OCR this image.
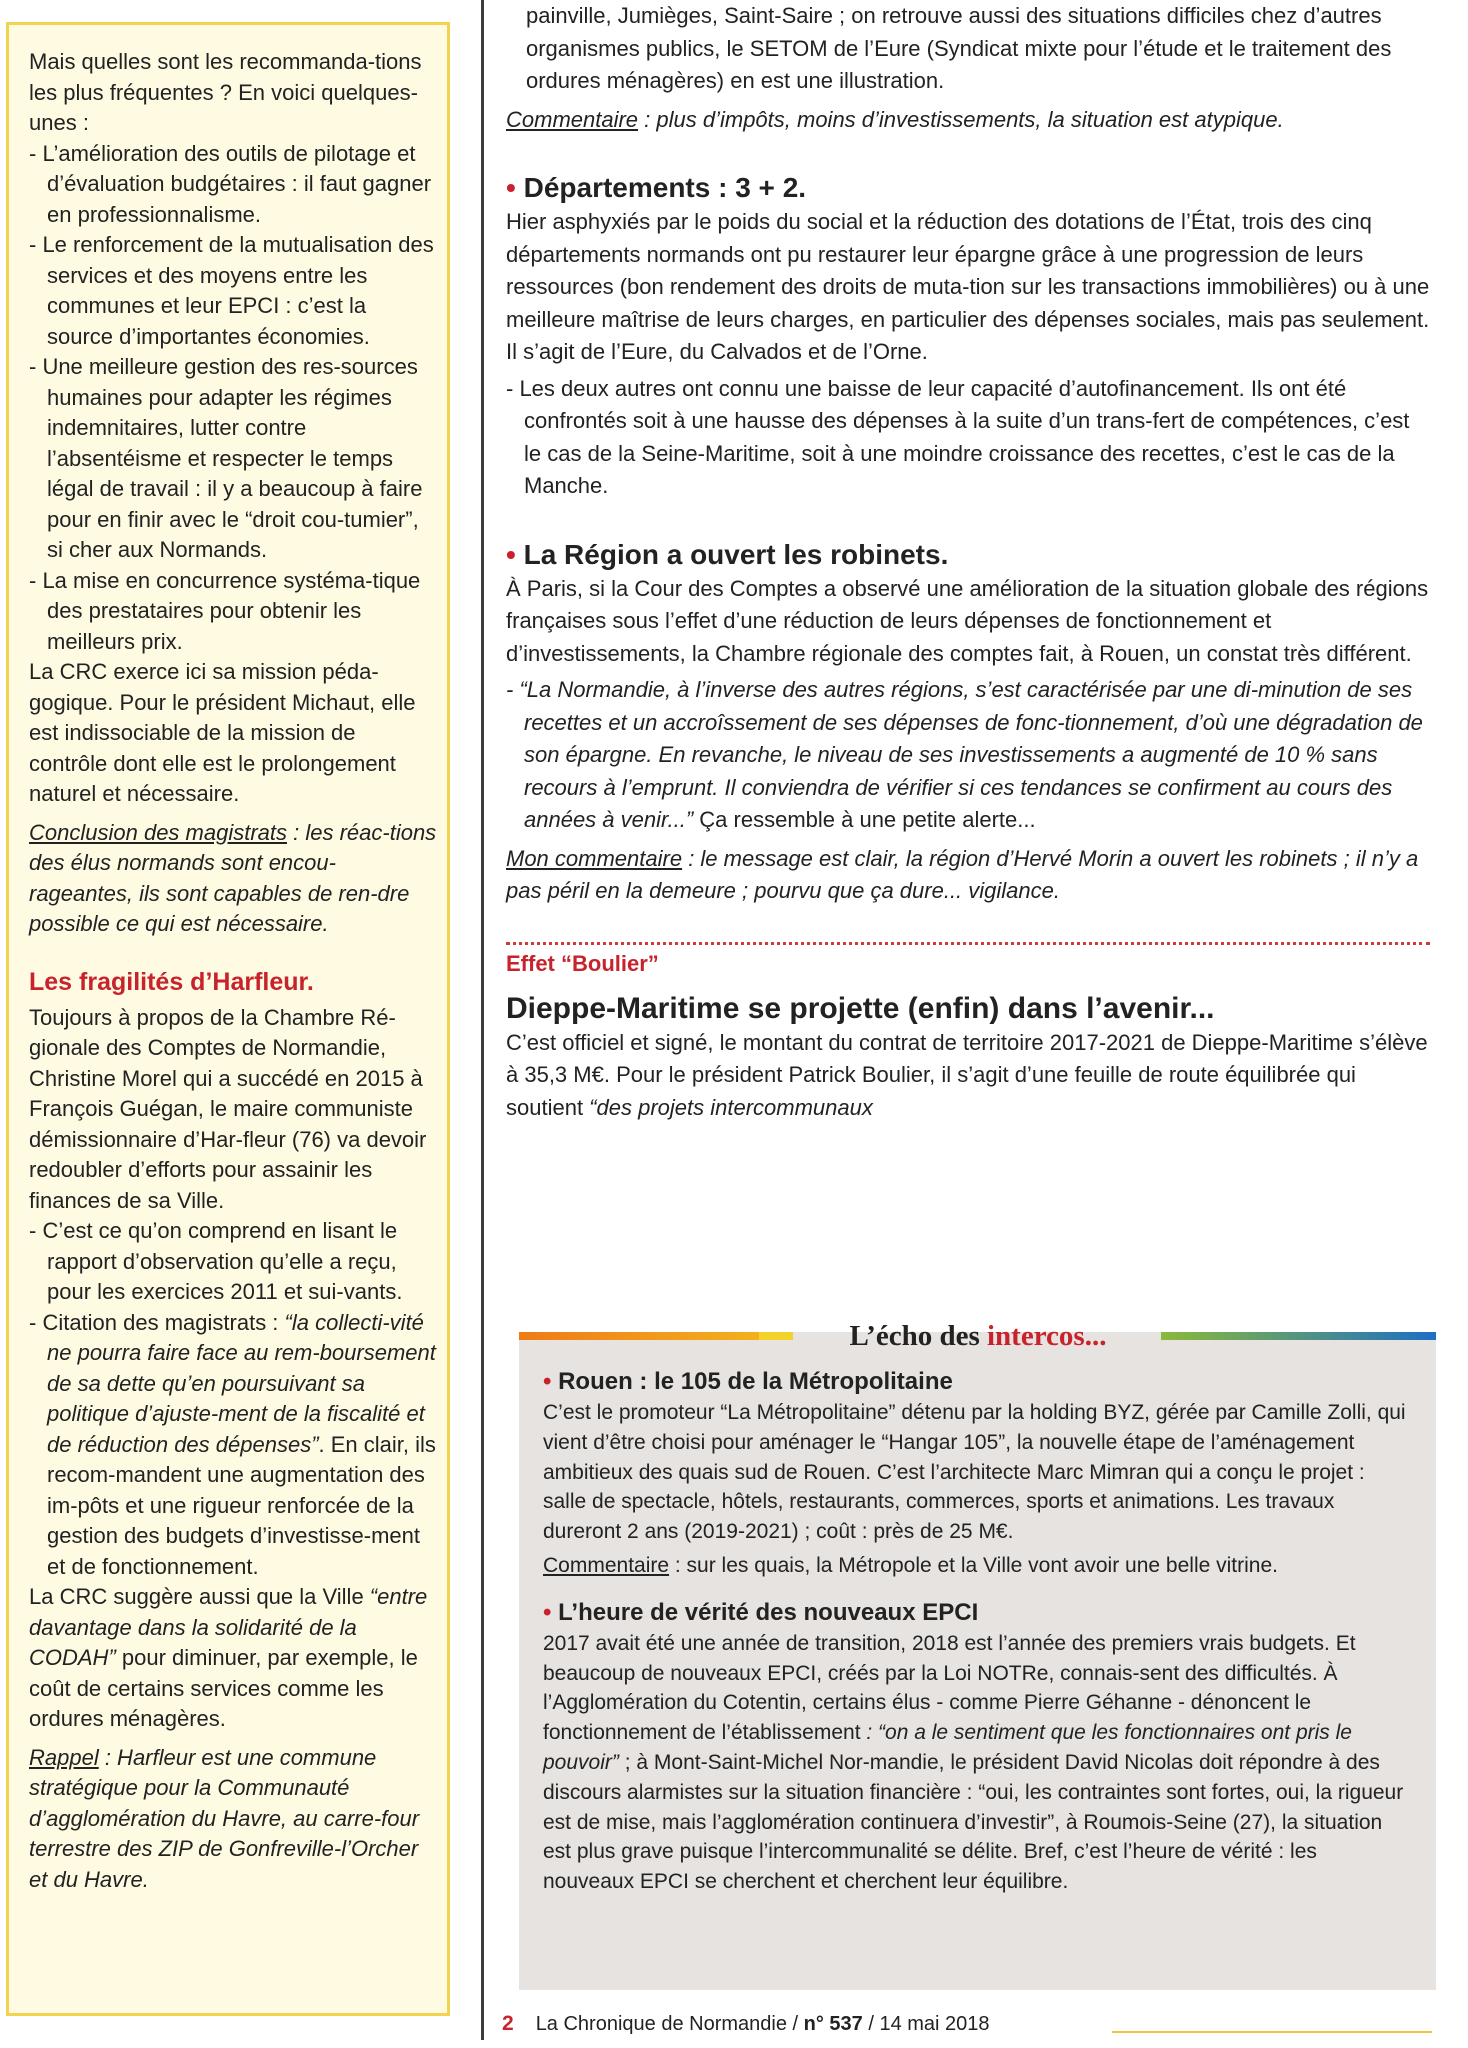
Mais quelles sont les recommanda-tions les plus fréquentes ? En voici quelques-unes :

- L’amélioration des outils de pilotage et d’évaluation budgétaires : il faut gagner en professionnalisme.

- Le renforcement de la mutualisation des services et des moyens entre les communes et leur EPCI : c’est la source d’importantes économies.

- Une meilleure gestion des res-sources humaines pour adapter les régimes indemnitaires, lutter contre l’absentéisme et respecter le temps légal de travail : il y a beaucoup à faire pour en finir avec le “droit cou-tumier”, si cher aux Normands.

- La mise en concurrence systéma-tique des prestataires pour obtenir les meilleurs prix.

La CRC exerce ici sa mission péda-gogique. Pour le président Michaut, elle est indissociable de la mission de contrôle dont elle est le prolongement naturel et nécessaire.

Conclusion des magistrats : les réac-tions des élus normands sont encou-rageantes, ils sont capables de ren-dre possible ce qui est nécessaire.

Les fragilités d’Harfleur.

Toujours à propos de la Chambre Ré-gionale des Comptes de Normandie, Christine Morel qui a succédé en 2015 à François Guégan, le maire communiste démissionnaire d’Har-fleur (76) va devoir redoubler d’efforts pour assainir les finances de sa Ville.

- C’est ce qu’on comprend en lisant le rapport d’observation qu’elle a reçu, pour les exercices 2011 et sui-vants.

- Citation des magistrats : “la collecti-vité ne pourra faire face au rem-boursement de sa dette qu’en poursuivant sa politique d’ajuste-ment de la fiscalité et de réduction des dépenses”. En clair, ils recom-mandent une augmentation des im-pôts et une rigueur renforcée de la gestion des budgets d’investisse-ment et de fonctionnement.

La CRC suggère aussi que la Ville “entre davantage dans la solidarité de la CODAH” pour diminuer, par exemple, le coût de certains services comme les ordures ménagères.

Rappel : Harfleur est une commune stratégique pour la Communauté d’agglomération du Havre, au carre-four terrestre des ZIP de Gonfreville-l’Orcher et du Havre.

painville, Jumièges, Saint-Saire ; on retrouve aussi des situations difficiles chez d’autres organismes publics, le SETOM de l’Eure (Syndicat mixte pour l’étude et le traitement des ordures ménagères) en est une illustration.

Commentaire : plus d’impôts, moins d’investissements, la situation est atypique.

• Départements : 3 + 2.

Hier asphyxiés par le poids du social et la réduction des dotations de l’État, trois des cinq départements normands ont pu restaurer leur épargne grâce à une progression de leurs ressources (bon rendement des droits de muta-tion sur les transactions immobilières) ou à une meilleure maîtrise de leurs charges, en particulier des dépenses sociales, mais pas seulement. Il s’agit de l’Eure, du Calvados et de l’Orne.

- Les deux autres ont connu une baisse de leur capacité d’autofinancement. Ils ont été confrontés soit à une hausse des dépenses à la suite d’un trans-fert de compétences, c’est le cas de la Seine-Maritime, soit à une moindre croissance des recettes, c’est le cas de la Manche.

• La Région a ouvert les robinets.

À Paris, si la Cour des Comptes a observé une amélioration de la situation globale des régions françaises sous l’effet d’une réduction de leurs dépenses de fonctionnement et d’investissements, la Chambre régionale des comptes fait, à Rouen, un constat très différent.

- “La Normandie, à l’inverse des autres régions, s’est caractérisée par une di-minution de ses recettes et un accroîssement de ses dépenses de fonc-tionnement, d’où une dégradation de son épargne. En revanche, le niveau de ses investissements a augmenté de 10 % sans recours à l’emprunt. Il conviendra de vérifier si ces tendances se confirment au cours des années à venir...” Ça ressemble à une petite alerte...

Mon commentaire : le message est clair, la région d’Hervé Morin a ouvert les robinets ; il n’y a pas péril en la demeure ; pourvu que ça dure... vigilance.

Effet “Boulier”
Dieppe-Maritime se projette (enfin) dans l’avenir...

C’est officiel et signé, le montant du contrat de territoire 2017-2021 de Dieppe-Maritime s’élève à 35,3 M€. Pour le président Patrick Boulier, il s’agit d’une feuille de route équilibrée qui soutient “des projets intercommunaux

L’écho des intercos...
• Rouen : le 105 de la Métropolitaine

C’est le promoteur “La Métropolitaine” détenu par la holding BYZ, gérée par Camille Zolli, qui vient d’être choisi pour aménager le “Hangar 105”, la nouvelle étape de l’aménagement ambitieux des quais sud de Rouen. C’est l’architecte Marc Mimran qui a conçu le projet : salle de spectacle, hôtels, restaurants, commerces, sports et animations. Les travaux dureront 2 ans (2019-2021) ; coût : près de 25 M€.

Commentaire : sur les quais, la Métropole et la Ville vont avoir une belle vitrine.

• L’heure de vérité des nouveaux EPCI

2017 avait été une année de transition, 2018 est l’année des premiers vrais budgets. Et beaucoup de nouveaux EPCI, créés par la Loi NOTRe, connais-sent des difficultés. À l’Agglomération du Cotentin, certains élus - comme Pierre Géhanne - dénoncent le fonctionnement de l’établissement : “on a le sentiment que les fonctionnaires ont pris le pouvoir” ; à Mont-Saint-Michel Nor-mandie, le président David Nicolas doit répondre à des discours alarmistes sur la situation financière : “oui, les contraintes sont fortes, oui, la rigueur est de mise, mais l’agglomération continuera d’investir”, à Roumois-Seine (27), la situation est plus grave puisque l’intercommunalité se délite. Bref, c’est l’heure de vérité : les nouveaux EPCI se cherchent et cherchent leur équilibre.

2 La Chronique de Normandie / n° 537 / 14 mai 2018
